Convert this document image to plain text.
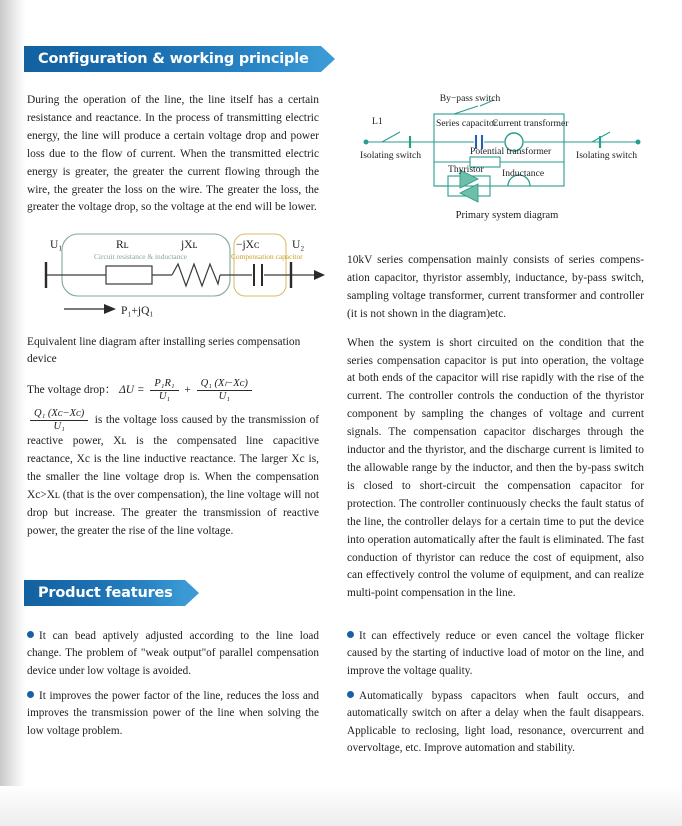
Configuration & working principle

During the operation of the line, the line itself has a certain resistance and reactance. In the process of transmitting electric energy, the line will produce a certain voltage drop and power loss due to the flow of current. When the transmitted electric energy is greater, the greater the current flowing through the wire, the greater the loss on the wire. The greater the loss, the greater the voltage drop, so the voltage at the end will be lower.

U₁	Rʟ	jXʟ	−jXᴄ	U₂
Circuit resistance & inductance	Compensation capacitor
P₁+jQ₁
Equivalent line diagram after installing series compensation device
The voltage drop： $\Delta U = \frac{\text{P₁R₁}}{\text{U₁}} + \frac{\text{Q₁ (Xₗ−Xᴄ)}}{\text{U₁}}$

$\frac{\text{Q₁ (Xᴄ−Xᴄ)}}{\text{U₁}}$ is the voltage loss caused by the transmission of reactive power, Xʟ is the compensated line capacitive reactance, Xc is the line inductive reactance. The larger Xc is, the smaller the line voltage drop is. When the compensation Xc>Xʟ (that is the over compensation), the line voltage will not drop but increase. The greater the transmission of reactive power, the greater the rise of the line voltage.

By−pass switch
L1	Series capacitor
Current transformer
Potential transformer
Thyristor Inductance
Isolating switch	Isolating switch
Primary system diagram

10kV series compensation mainly consists of series compens-ation capacitor, thyristor assembly, inductance, by-pass switch, sampling voltage transformer, current transformer and controller (it is not shown in the diagram)etc.

When the system is short circuited on the condition that the series compensation capacitor is put into operation, the voltage at both ends of the capacitor will rise rapidly with the rise of the current. The controller controls the conduction of the thyristor component by sampling the changes of voltage and current signals. The compensation capacitor discharges through the inductor and the thyristor, and the discharge current is limited to the allowable range by the inductor, and then the by-pass switch is closed to short-circuit the compensation capacitor for protection. The controller continuously checks the fault status of the line, the controller delays for a certain time to put the device into operation automatically after the fault is eliminated. The fast conduction of thyristor can reduce the cost of equipment, also can effectively control the volume of equipment, and can realize multi-point compensation in the line.

Product features
It can bead aptively adjusted according to the line load change. The problem of "weak output"of parallel compensation device under low voltage is avoided.
It improves the power factor of the line, reduces the loss and improves the transmission power of the line when solving the low voltage problem.
It can effectively reduce or even cancel the voltage flicker caused by the starting of inductive load of motor on the line, and improve the voltage quality.
Automatically bypass capacitors when fault occurs, and automatically switch on after a delay when the fault disappears. Applicable to reclosing, light load, resonance, overcurrent and overvoltage, etc. Improve automation and stability.
